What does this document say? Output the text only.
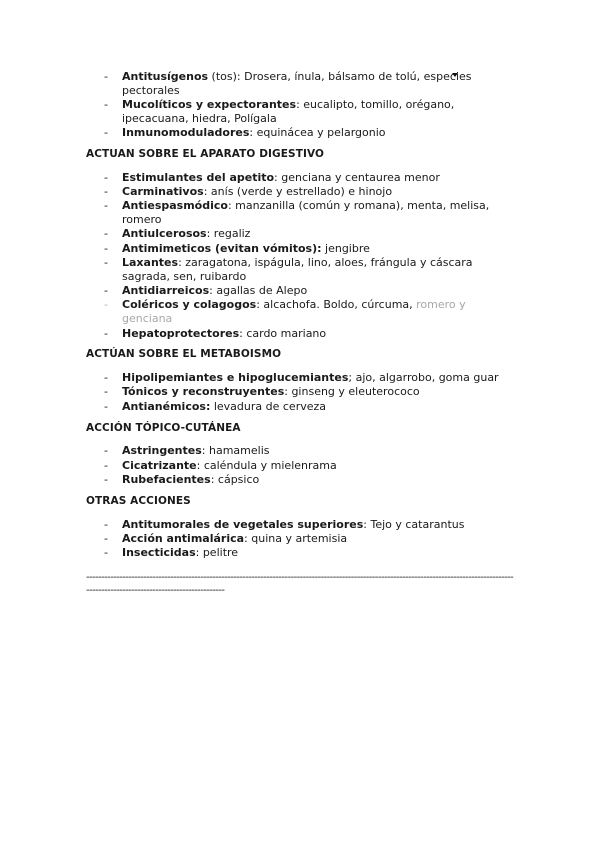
- Antitusígenos (tos): Drosera, ínula, bálsamo de tolú, especies pectorales
- Mucolíticos y expectorantes: eucalipto, tomillo, orégano, ipecacuana, hiedra, Polígala
- Inmunomoduladores: equinácea y pelargonio
ACTUAN SOBRE EL APARATO DIGESTIVO
- Estimulantes del apetito: genciana y centaurea menor
- Carminativos: anís (verde y estrellado) e hinojo
- Antiespasmódico: manzanilla (común y romana), menta, melisa, romero
- Antiulcerosos: regaliz
- Antimimeticos (evitan vómitos): jengibre
- Laxantes: zaragatona, ispágula, lino, aloes, frángula y cáscara sagrada, sen, ruibardo
- Antidiarreicos: agallas de Alepo
- Coléricos y colagogos: alcachofa. Boldo, cúrcuma, romero y genciana
- Hepatoprotectores: cardo mariano
ACTÚAN SOBRE EL METABOISMO
- Hipolipemiantes e hipoglucemiantes; ajo, algarrobo, goma guar
- Tónicos y reconstruyentes: ginseng y eleuterococo
- Antianémicos: levadura de cerveza
ACCIÓN TÓPICO-CUTÁNEA
- Astringentes: hamamelis
- Cicatrizante: caléndula y mielenrama
- Rubefacientes: cápsico
OTRAS ACCIONES
- Antitumorales de vegetales superiores: Tejo y catarantus
- Acción antimalárica: quina y artemisia
- Insecticidas: pelitre
--------------------------------------------------------------------------------------------------------------------------------------------------------------------------------------------
